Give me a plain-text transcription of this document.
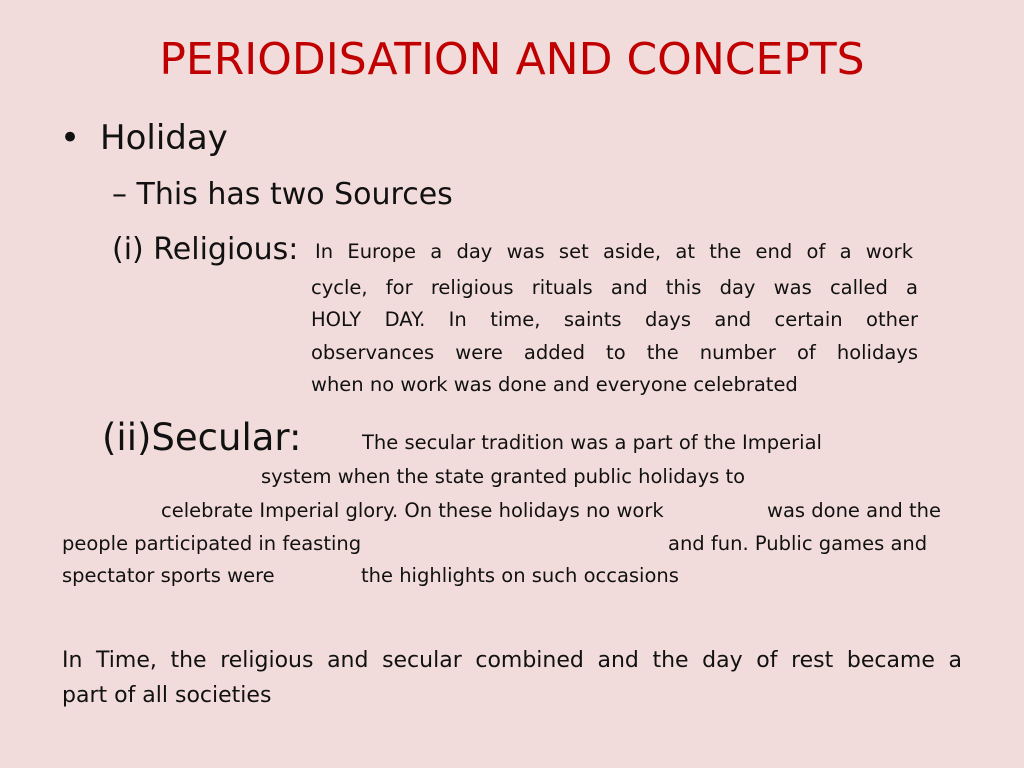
PERIODISATION AND CONCEPTS
• Holiday
– This has two Sources
(i) Religious: In Europe a day was set aside, at the end of a work
cycle, for religious rituals and this day was called a
HOLY DAY. In time, saints days and certain other
observances were added to the number of holidays
when no work was done and everyone celebrated
(ii)Secular:	The secular tradition was a part of the Imperial
system when the state granted public holidays to
celebrate Imperial glory. On these holidays no work	was done and the
people participated in feasting	and fun. Public games and
spectator sports were	the highlights on such occasions
In Time, the religious and secular combined and the day of rest became a
part of all societies
